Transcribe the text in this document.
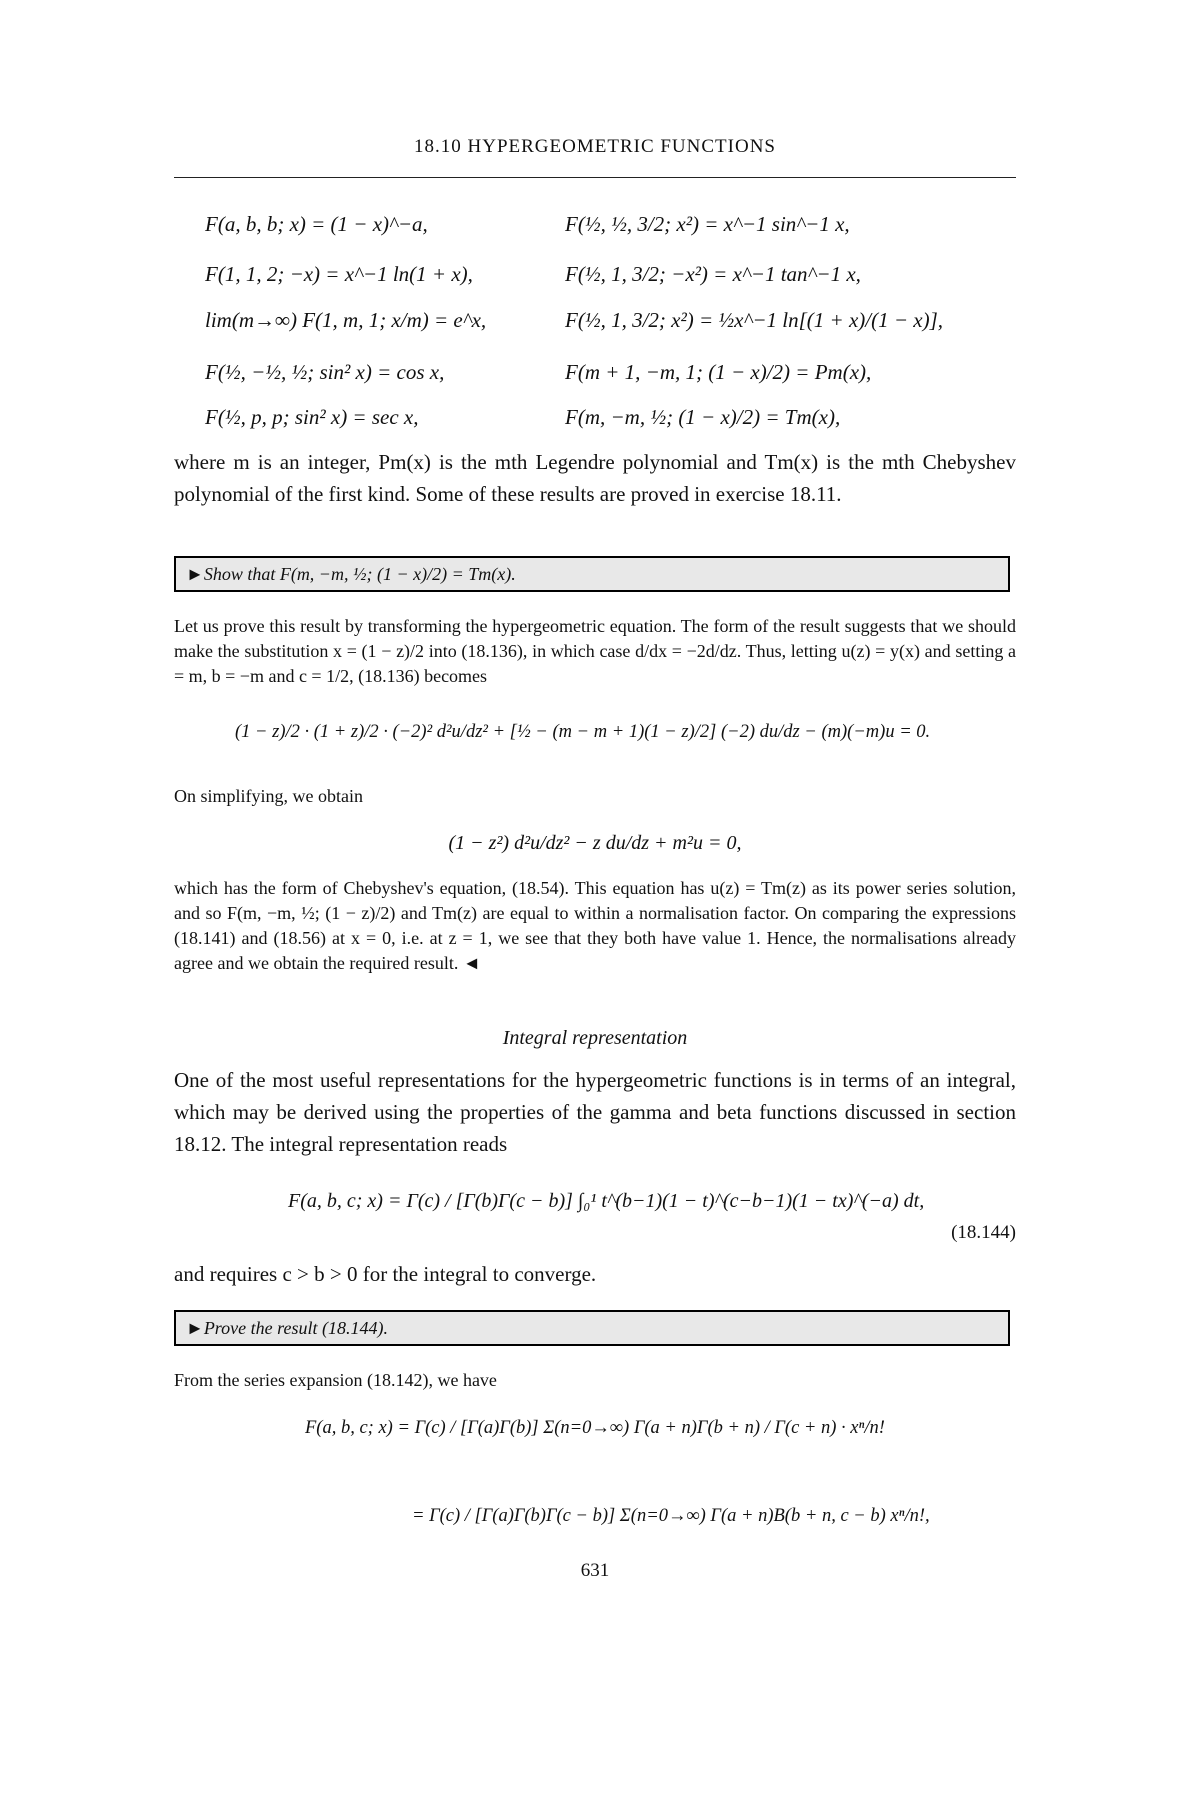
18.10 HYPERGEOMETRIC FUNCTIONS
F(a, b, b; x) = (1 − x)^−a,	F(½, ½, 3/2; x²) = x^−1 sin^−1 x,
F(1, 1, 2; −x) = x^−1 ln(1 + x),	F(½, 1, 3/2; −x²) = x^−1 tan^−1 x,
lim(m→∞) F(1, m, 1; x/m) = e^x,	F(½, 1, 3/2; x²) = ½x^−1 ln[(1 + x)/(1 − x)],
F(½, −½, ½; sin² x) = cos x,	F(m + 1, −m, 1; (1 − x)/2) = Pm(x),
F(½, p, p; sin² x) = sec x,	F(m, −m, ½; (1 − x)/2) = Tm(x),
where m is an integer, Pm(x) is the mth Legendre polynomial and Tm(x) is the mth Chebyshev polynomial of the first kind. Some of these results are proved in exercise 18.11.
►Show that F(m, −m, ½; (1 − x)/2) = Tm(x).
Let us prove this result by transforming the hypergeometric equation. The form of the result suggests that we should make the substitution x = (1 − z)/2 into (18.136), in which case d/dx = −2d/dz. Thus, letting u(z) = y(x) and setting a = m, b = −m and c = 1/2, (18.136) becomes
(1 − z)/2 · (1 + z)/2 · (−2)² d²u/dz² + [½ − (m − m + 1)(1 − z)/2] (−2) du/dz − (m)(−m)u = 0.
On simplifying, we obtain
(1 − z²) d²u/dz² − z du/dz + m²u = 0,
which has the form of Chebyshev's equation, (18.54). This equation has u(z) = Tm(z) as its power series solution, and so F(m, −m, ½; (1 − z)/2) and Tm(z) are equal to within a normalisation factor. On comparing the expressions (18.141) and (18.56) at x = 0, i.e. at z = 1, we see that they both have value 1. Hence, the normalisations already agree and we obtain the required result. ◄
Integral representation
One of the most useful representations for the hypergeometric functions is in terms of an integral, which may be derived using the properties of the gamma and beta functions discussed in section 18.12. The integral representation reads
F(a, b, c; x) = Γ(c) / [Γ(b)Γ(c − b)] ∫₀¹ t^(b−1)(1 − t)^(c−b−1)(1 − tx)^(−a) dt,
(18.144)
and requires c > b > 0 for the integral to converge.
►Prove the result (18.144).
From the series expansion (18.142), we have
F(a, b, c; x) = Γ(c) / [Γ(a)Γ(b)] Σ(n=0→∞) Γ(a + n)Γ(b + n) / Γ(c + n) · xⁿ/n!
= Γ(c) / [Γ(a)Γ(b)Γ(c − b)] Σ(n=0→∞) Γ(a + n)B(b + n, c − b) xⁿ/n!,
631
